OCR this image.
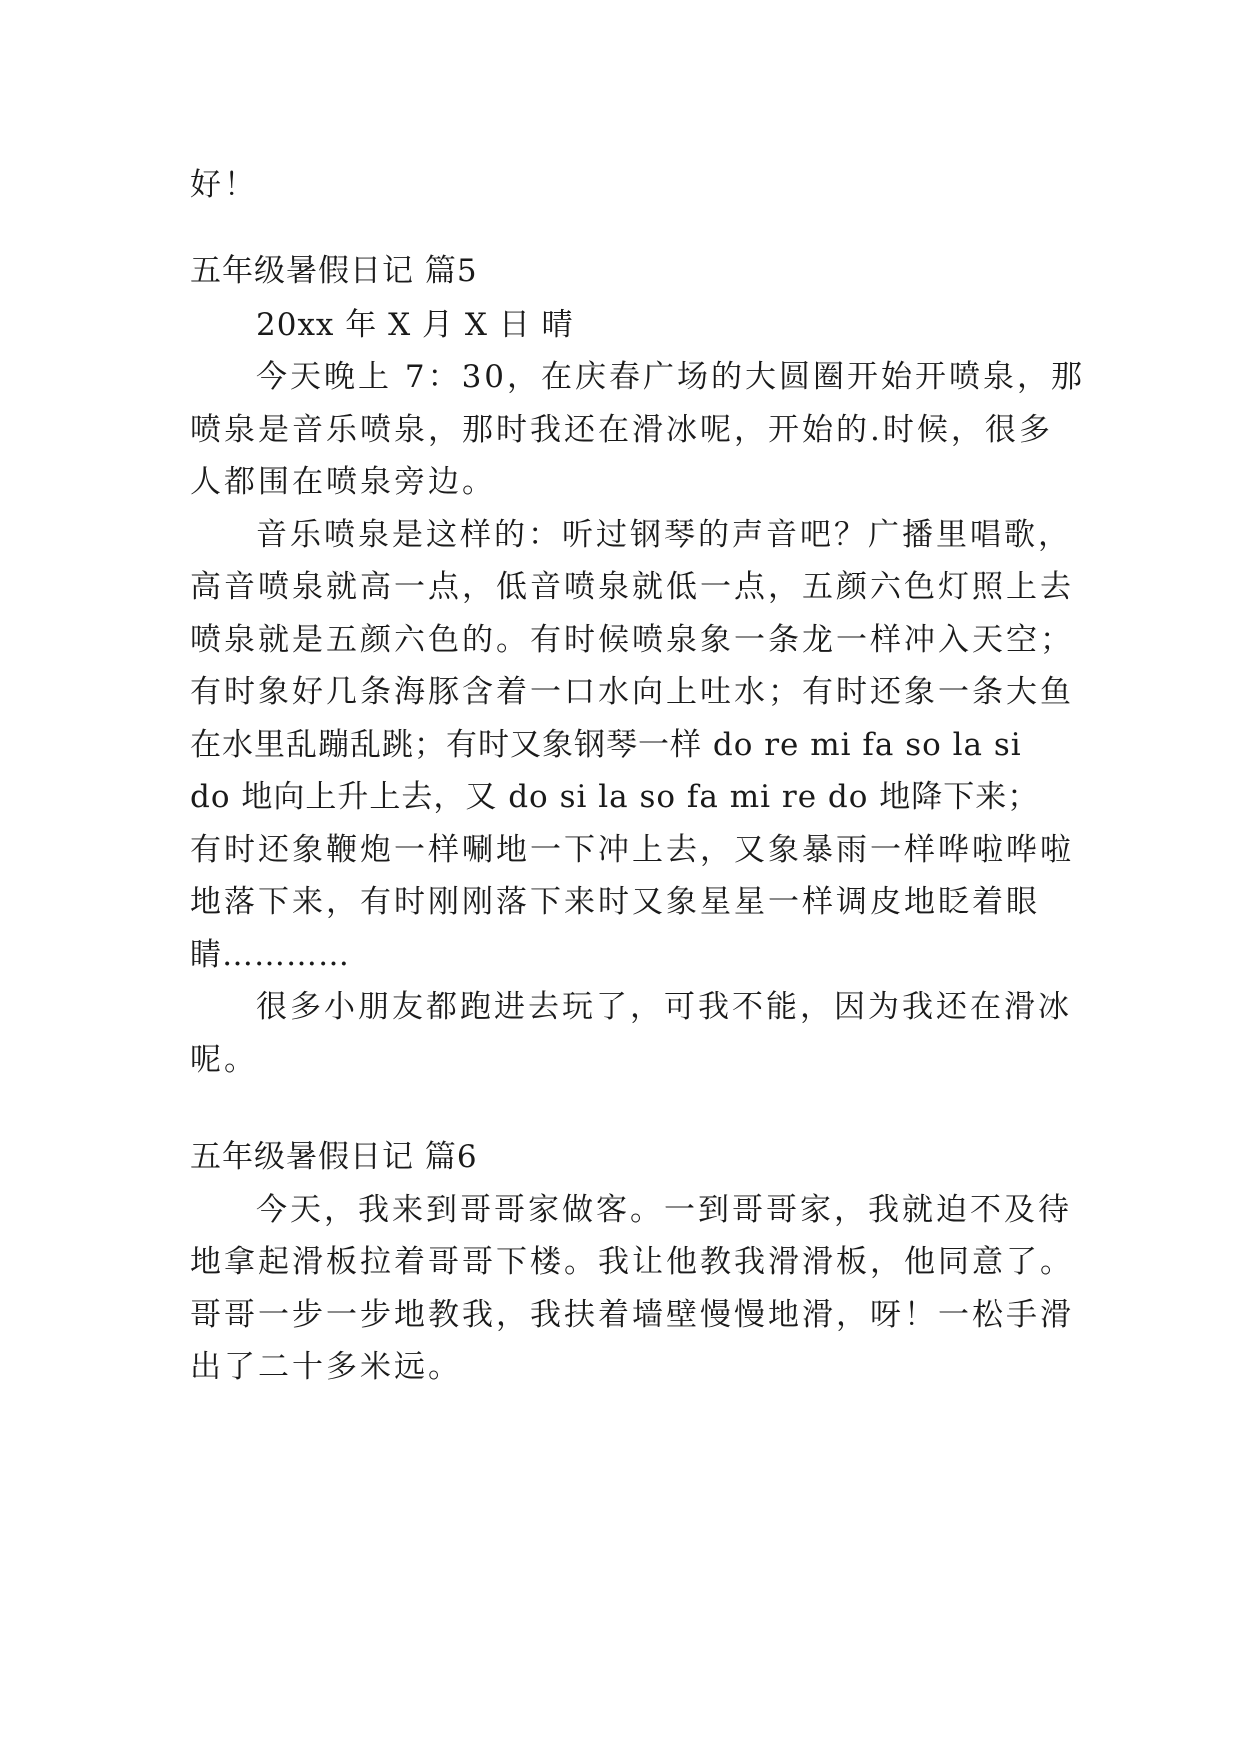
好！
五年级暑假日记 篇5
20xx 年 X 月 X 日 晴
今天晚上 7：30，在庆春广场的大圆圈开始开喷泉，那
喷泉是音乐喷泉，那时我还在滑冰呢，开始的.时候，很多
人都围在喷泉旁边。
音乐喷泉是这样的：听过钢琴的声音吧？广播里唱歌，
高音喷泉就高一点，低音喷泉就低一点，五颜六色灯照上去
喷泉就是五颜六色的。有时候喷泉象一条龙一样冲入天空；
有时象好几条海豚含着一口水向上吐水；有时还象一条大鱼
在水里乱蹦乱跳；有时又象钢琴一样 do re mi fa so la si
do 地向上升上去，又 do si la so fa mi re do 地降下来；
有时还象鞭炮一样唰地一下冲上去，又象暴雨一样哗啦哗啦
地落下来，有时刚刚落下来时又象星星一样调皮地眨着眼
睛…………
很多小朋友都跑进去玩了，可我不能，因为我还在滑冰
呢。
五年级暑假日记 篇6
今天，我来到哥哥家做客。一到哥哥家，我就迫不及待
地拿起滑板拉着哥哥下楼。我让他教我滑滑板，他同意了。
哥哥一步一步地教我，我扶着墙壁慢慢地滑，呀！一松手滑
出了二十多米远。
